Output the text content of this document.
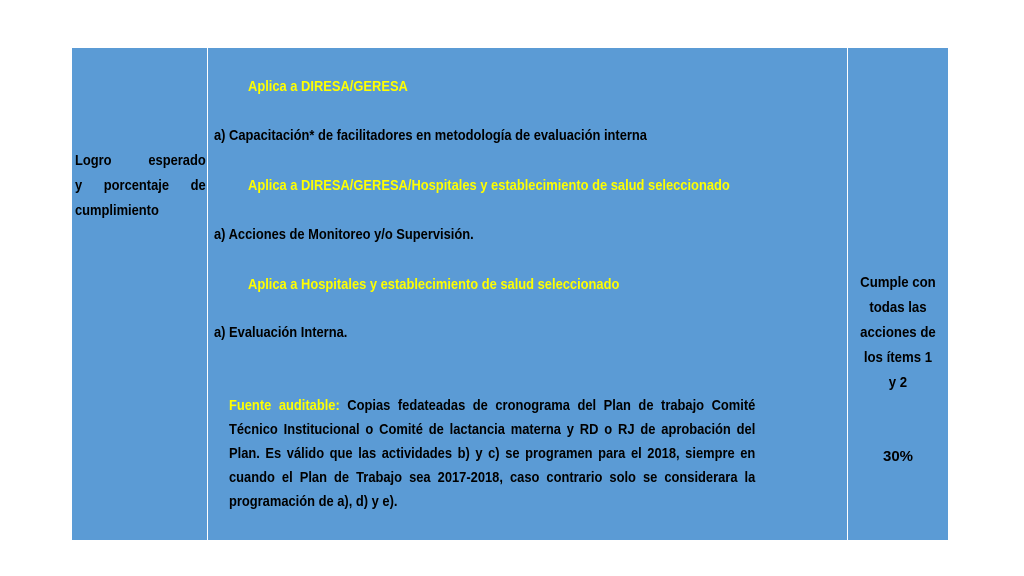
Logro esperado
y porcentaje de
cumplimiento
Aplica a DIRESA/GERESA
a) Capacitación* de facilitadores en metodología de evaluación interna
Aplica a DIRESA/GERESA/Hospitales y establecimiento de salud seleccionado
a) Acciones de Monitoreo y/o Supervisión.
Aplica a Hospitales y establecimiento de salud seleccionado
a) Evaluación Interna.

Fuente auditable: Copias fedateadas de cronograma del Plan de trabajo Comité Técnico Institucional o Comité de lactancia materna y RD o RJ de aprobación del Plan. Es válido que las actividades b) y c) se programen para el 2018, siempre en cuando el Plan de Trabajo sea 2017-2018, caso contrario solo se considerara la programación de a), d) y e).

Cumple con
todas las
acciones de
los ítems 1
y 2
30%
